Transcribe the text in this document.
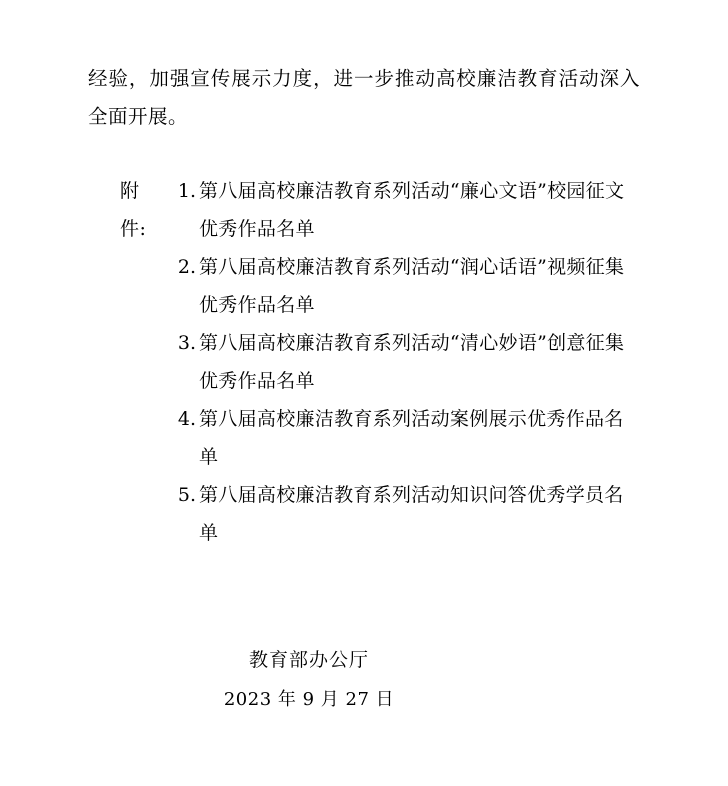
经验，加强宣传展示力度，进一步推动高校廉洁教育活动深入全面开展。

附件:
1 . 第八届高校廉洁教育系列活动“廉心文语”校园征文优秀作品名单
2 . 第八届高校廉洁教育系列活动“润心话语”视频征集优秀作品名单
3 . 第八届高校廉洁教育系列活动“清心妙语”创意征集优秀作品名单
4 . 第八届高校廉洁教育系列活动案例展示优秀作品名单
5 . 第八届高校廉洁教育系列活动知识问答优秀学员名单
教育部办公厅
2023 年 9 月 27 日
